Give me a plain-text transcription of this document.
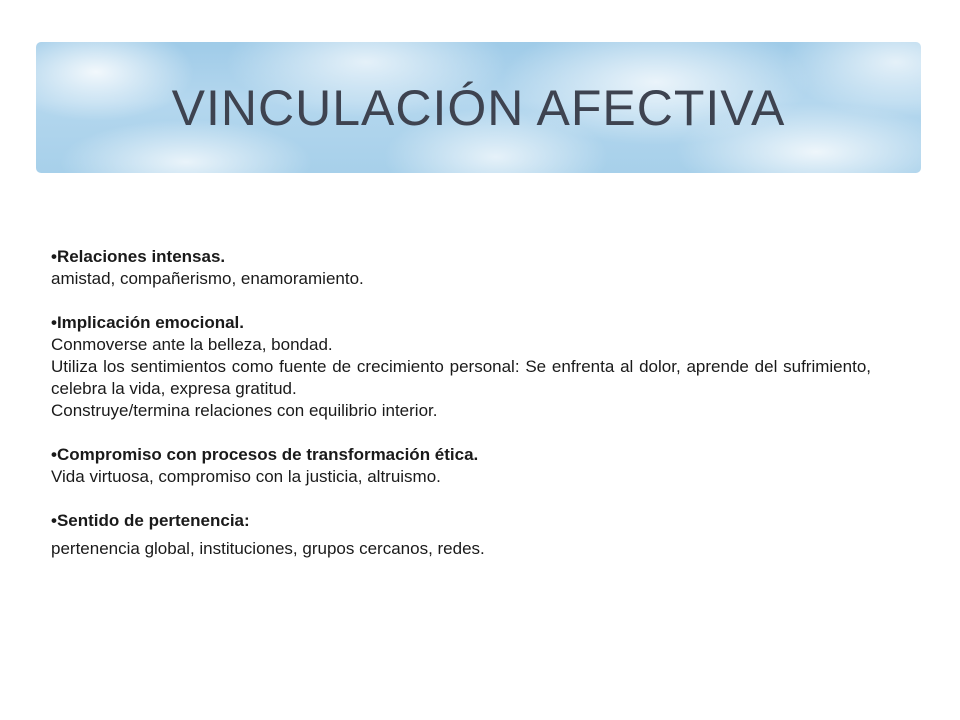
VINCULACIÓN AFECTIVA

•Relaciones intensas.

amistad, compañerismo, enamoramiento.

•Implicación emocional.

Conmoverse ante la belleza, bondad.

Utiliza los sentimientos como fuente de crecimiento personal: Se enfrenta al dolor, aprende del sufrimiento, celebra la vida, expresa gratitud.

Construye/termina relaciones con equilibrio interior.

•Compromiso con procesos de transformación ética.

Vida virtuosa, compromiso con la justicia, altruismo.

•Sentido de pertenencia:

pertenencia global, instituciones, grupos cercanos, redes.
